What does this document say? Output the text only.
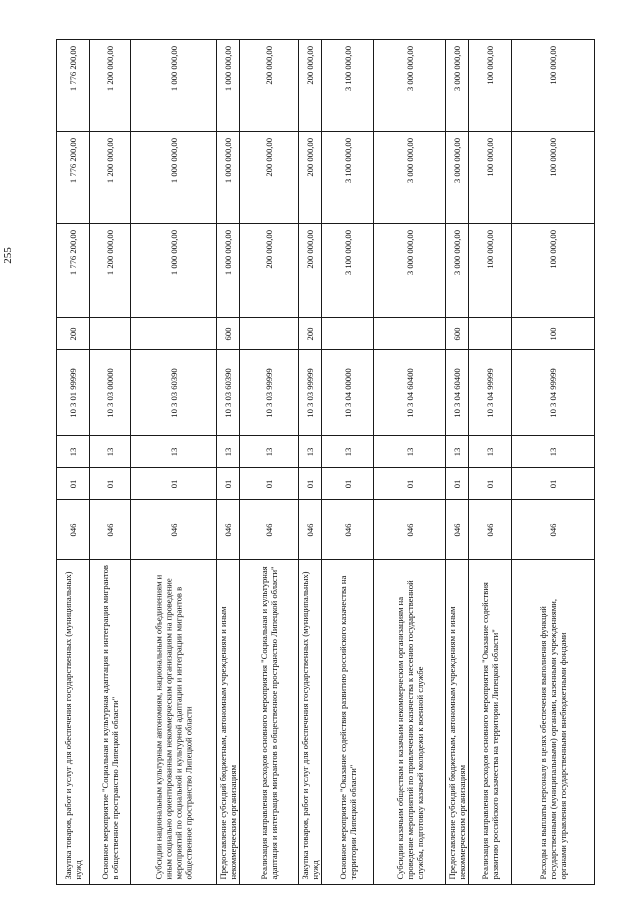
255
Закупка товаров, работ и услуг для обеспечения государственных (муниципальных) нужд
046
01
13
10 3 01 99999
200
1 776 200,00
1 776 200,00
1 776 200,00
Основное мероприятие "Социальная и культурная адаптация и интеграция мигрантов в общественное пространство Липецкой области"
046
01
13
10 3 03 00000
1 200 000,00
1 200 000,00
1 200 000,00
Субсидии национальным культурным автономиям, национальным объединениям и иным социально ориентированным некоммерческим организациям на проведение мероприятий по социальной и культурной адаптации и интеграции мигрантов в общественное пространство Липецкой области
046
01
13
10 3 03 60390
1 000 000,00
1 000 000,00
1 000 000,00
Предоставление субсидий бюджетным, автономным учреждениям и иным некоммерческим организациям
046
01
13
10 3 03 60390
600
1 000 000,00
1 000 000,00
1 000 000,00
Реализация направления расходов основного мероприятия "Социальная и культурная адаптация и интеграция мигрантов в общественное пространство Липецкой области"
046
01
13
10 3 03 99999
200 000,00
200 000,00
200 000,00
Закупка товаров, работ и услуг для обеспечения государственных (муниципальных) нужд
046
01
13
10 3 03 99999
200
200 000,00
200 000,00
200 000,00
Основное мероприятие "Оказание содействия развитию российского казачества на территории Липецкой области"
046
01
13
10 3 04 00000
3 100 000,00
3 100 000,00
3 100 000,00
Субсидии казачьим обществам и казачьим некоммерческим организациям на проведение мероприятий по привлечению казачества к несению государственной службы, подготовку казачьей молодежи к военной службе
046
01
13
10 3 04 60400
3 000 000,00
3 000 000,00
3 000 000,00
Предоставление субсидий бюджетным, автономным учреждениям и иным некоммерческим организациям
046
01
13
10 3 04 60400
600
3 000 000,00
3 000 000,00
3 000 000,00
Реализация направления расходов основного мероприятия "Оказание содействия развитию российского казачества на территории Липецкой области"
046
01
13
10 3 04 99999
100 000,00
100 000,00
100 000,00
Расходы на выплаты персоналу в целях обеспечения выполнения функций государственными (муниципальными) органами, казенными учреждениями, органами управления государственными внебюджетными фондами
046
01
13
10 3 04 99999
100
100 000,00
100 000,00
100 000,00
